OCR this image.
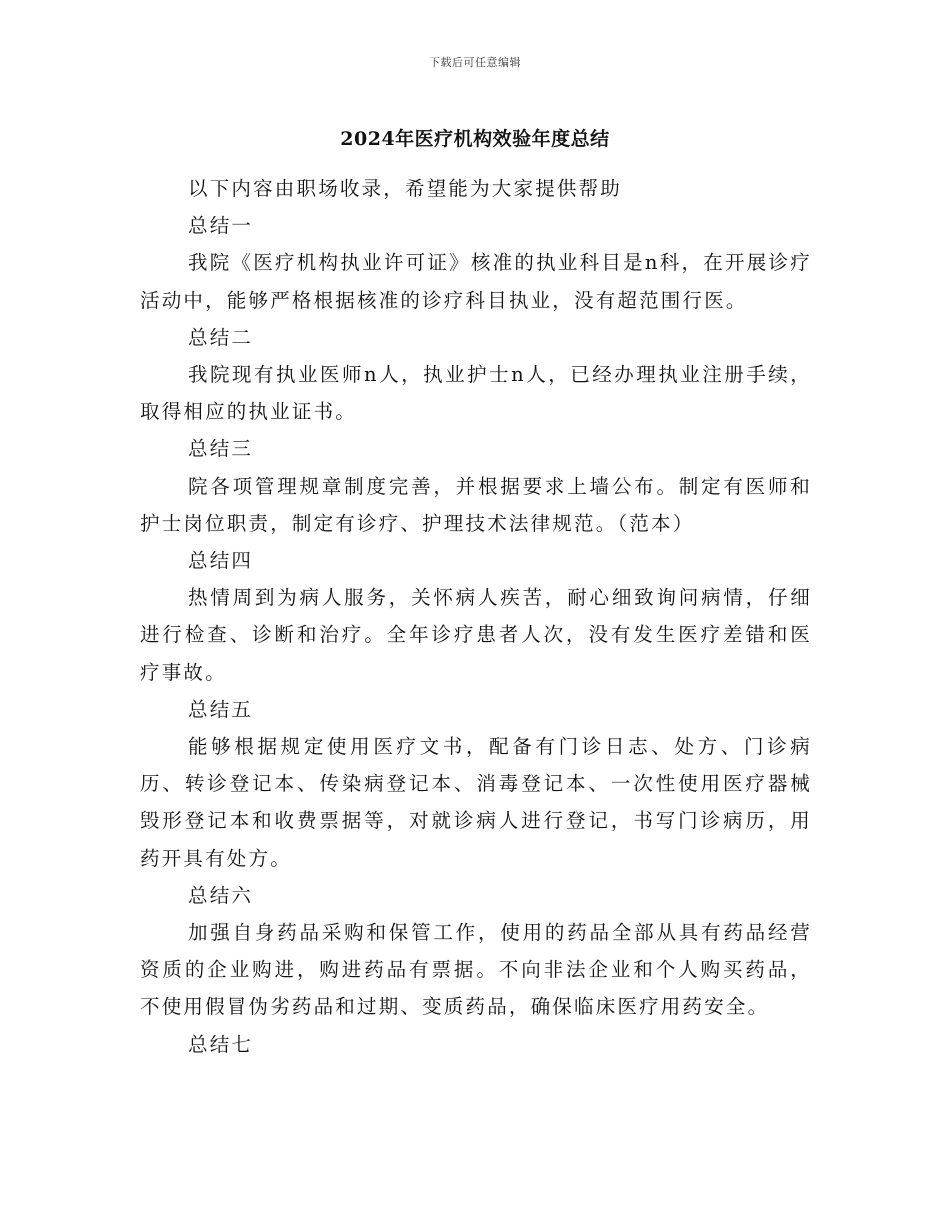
下载后可任意编辑
2024年医疗机构效验年度总结

以下内容由职场收录，希望能为大家提供帮助

总结一

我院《医疗机构执业许可证》核准的执业科目是n科，在开展诊疗活动中，能够严格根据核准的诊疗科目执业，没有超范围行医。

总结二

我院现有执业医师n人，执业护士n人，已经办理执业注册手续，取得相应的执业证书。

总结三

院各项管理规章制度完善，并根据要求上墙公布。制定有医师和护士岗位职责，制定有诊疗、护理技术法律规范。（范本）

总结四

热情周到为病人服务，关怀病人疾苦，耐心细致询问病情，仔细进行检查、诊断和治疗。全年诊疗患者人次，没有发生医疗差错和医疗事故。

总结五

能够根据规定使用医疗文书，配备有门诊日志、处方、门诊病历、转诊登记本、传染病登记本、消毒登记本、一次性使用医疗器械毁形登记本和收费票据等，对就诊病人进行登记，书写门诊病历，用药开具有处方。

总结六

加强自身药品采购和保管工作，使用的药品全部从具有药品经营资质的企业购进，购进药品有票据。不向非法企业和个人购买药品，不使用假冒伪劣药品和过期、变质药品，确保临床医疗用药安全。

总结七
